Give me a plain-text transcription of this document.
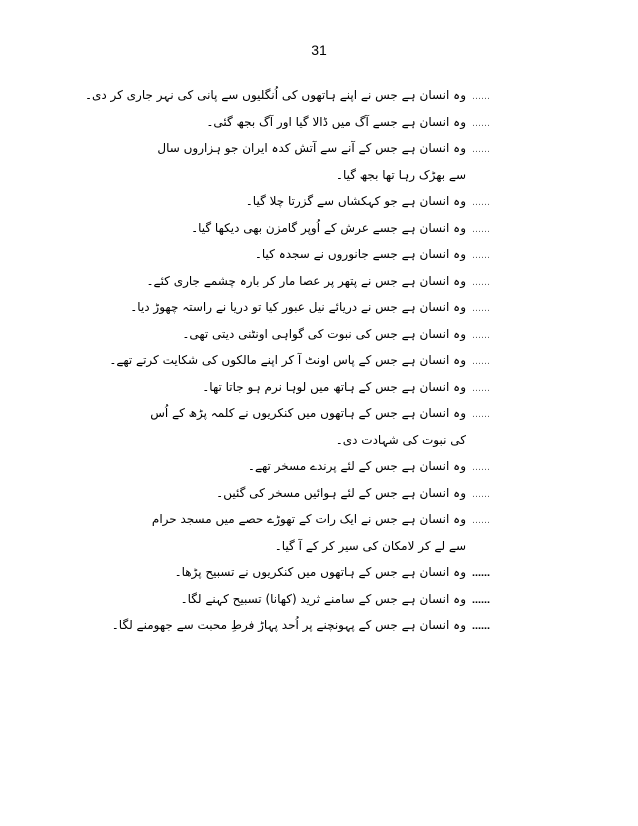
31
……
وہ انسان ہے جس نے اپنے ہاتھوں کی اُنگلیوں سے پانی کی نہر جاری کر دی۔
……
وہ انسان ہے جسے آگ میں ڈالا گیا اور آگ بجھ گئی۔
……
وہ انسان ہے جس کے آنے سے آتش کدہ ایران جو ہزاروں سال سے بھڑک رہا تھا بجھ گیا۔
……
وہ انسان ہے جو کہکشاں سے گزرتا چلا گیا۔
……
وہ انسان ہے جسے عرش کے اُوپر گامزن بھی دیکھا گیا۔
……
وہ انسان ہے جسے جانوروں نے سجدہ کیا۔
……
وہ انسان ہے جس نے پتھر پر عصا مار کر بارہ چشمے جاری کئے۔
……
وہ انسان ہے جس نے دریائے نیل عبور کیا تو دریا نے راستہ چھوڑ دیا۔
……
وہ انسان ہے جس کی نبوت کی گواہی اونٹنی دیتی تھی۔
……
وہ انسان ہے جس کے پاس اونٹ آ کر اپنے مالکوں کی شکایت کرتے تھے۔
……
وہ انسان ہے جس کے ہاتھ میں لوہا نرم ہو جاتا تھا۔
……
وہ انسان ہے جس کے ہاتھوں میں کنکریوں نے کلمہ پڑھ کے اُس کی نبوت کی شہادت دی۔
……
وہ انسان ہے جس کے لئے پرندے مسخر تھے۔
……
وہ انسان ہے جس کے لئے ہوائیں مسخر کی گئیں۔
……
وہ انسان ہے جس نے ایک رات کے تھوڑے حصے میں مسجد حرام سے لے کر لامکان کی سیر کر کے آ گیا۔
……
وہ انسان ہے جس کے ہاتھوں میں کنکریوں نے تسبیح پڑھا۔
……
وہ انسان ہے جس کے سامنے ثرید (کھانا) تسبیح کہنے لگا۔
……
وہ انسان ہے جس کے پہونچنے پر اُحد پہاڑ فرطِ محبت سے جھومنے لگا۔
